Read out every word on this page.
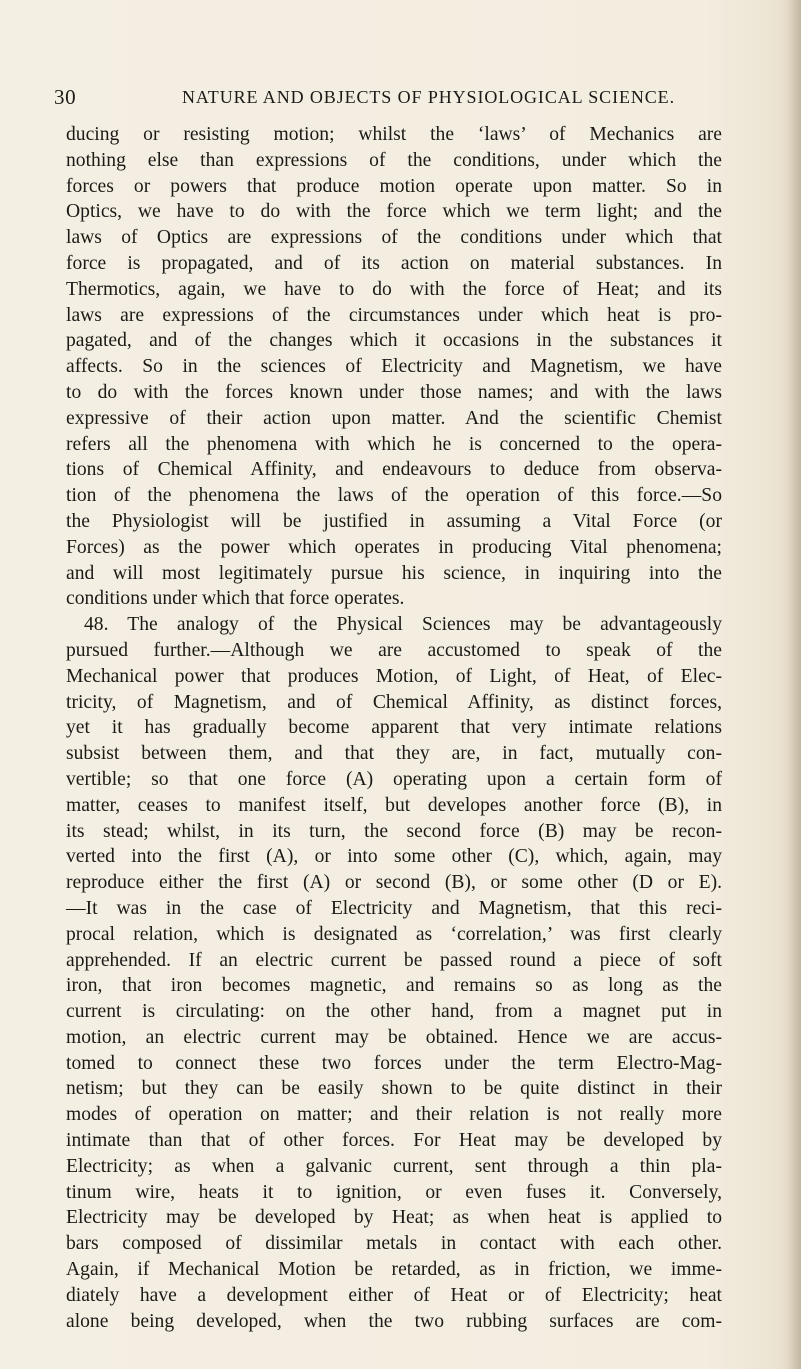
30	NATURE AND OBJECTS OF PHYSIOLOGICAL SCIENCE.
ducing or resisting motion; whilst the ‘laws’ of Mechanics are
nothing else than expressions of the conditions, under which the
forces or powers that produce motion operate upon matter. So in
Optics, we have to do with the force which we term light; and the
laws of Optics are expressions of the conditions under which that
force is propagated, and of its action on material substances. In
Thermotics, again, we have to do with the force of Heat; and its
laws are expressions of the circumstances under which heat is pro-
pagated, and of the changes which it occasions in the substances it
affects. So in the sciences of Electricity and Magnetism, we have
to do with the forces known under those names; and with the laws
expressive of their action upon matter. And the scientific Chemist
refers all the phenomena with which he is concerned to the opera-
tions of Chemical Affinity, and endeavours to deduce from observa-
tion of the phenomena the laws of the operation of this force.—So
the Physiologist will be justified in assuming a Vital Force (or
Forces) as the power which operates in producing Vital phenomena;
and will most legitimately pursue his science, in inquiring into the
conditions under which that force operates.
48. The analogy of the Physical Sciences may be advantageously
pursued further.—Although we are accustomed to speak of the
Mechanical power that produces Motion, of Light, of Heat, of Elec-
tricity, of Magnetism, and of Chemical Affinity, as distinct forces,
yet it has gradually become apparent that very intimate relations
subsist between them, and that they are, in fact, mutually con-
vertible; so that one force (A) operating upon a certain form of
matter, ceases to manifest itself, but developes another force (B), in
its stead; whilst, in its turn, the second force (B) may be recon-
verted into the first (A), or into some other (C), which, again, may
reproduce either the first (A) or second (B), or some other (D or E).
—It was in the case of Electricity and Magnetism, that this reci-
procal relation, which is designated as ‘correlation,’ was first clearly
apprehended. If an electric current be passed round a piece of soft
iron, that iron becomes magnetic, and remains so as long as the
current is circulating: on the other hand, from a magnet put in
motion, an electric current may be obtained. Hence we are accus-
tomed to connect these two forces under the term Electro-Mag-
netism; but they can be easily shown to be quite distinct in their
modes of operation on matter; and their relation is not really more
intimate than that of other forces. For Heat may be developed by
Electricity; as when a galvanic current, sent through a thin pla-
tinum wire, heats it to ignition, or even fuses it. Conversely,
Electricity may be developed by Heat; as when heat is applied to
bars composed of dissimilar metals in contact with each other.
Again, if Mechanical Motion be retarded, as in friction, we imme-
diately have a development either of Heat or of Electricity; heat
alone being developed, when the two rubbing surfaces are com-
